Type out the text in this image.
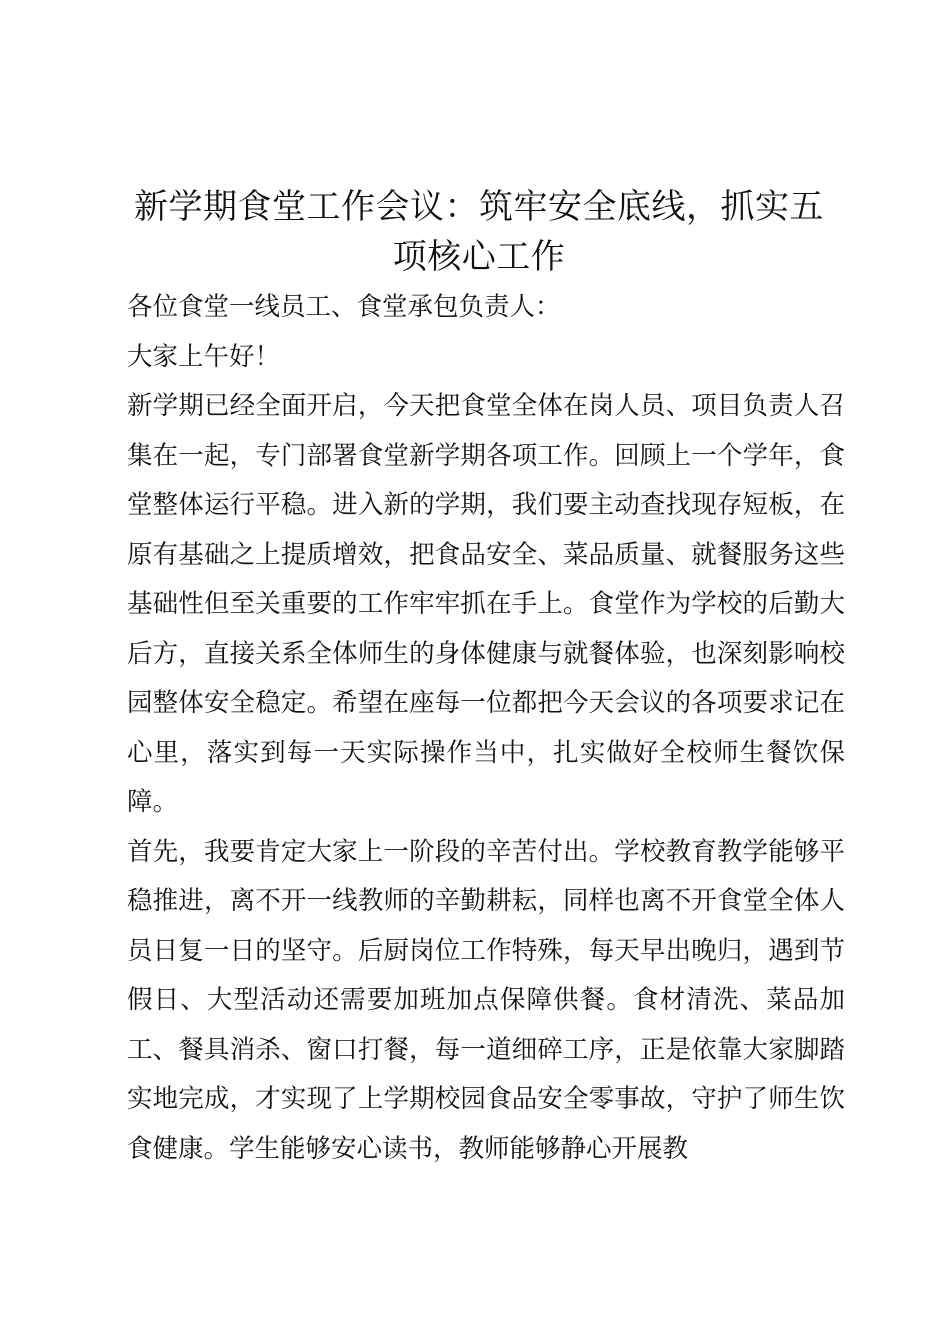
新学期食堂工作会议：筑牢安全底线，抓实五项核心工作

各位食堂一线员工、食堂承包负责人：

大家上午好！

新学期已经全面开启，今天把食堂全体在岗人员、项目负责人召集在一起，专门部署食堂新学期各项工作。回顾上一个学年，食堂整体运行平稳。进入新的学期，我们要主动查找现存短板，在原有基础之上提质增效，把食品安全、菜品质量、就餐服务这些基础性但至关重要的工作牢牢抓在手上。食堂作为学校的后勤大后方，直接关系全体师生的身体健康与就餐体验，也深刻影响校园整体安全稳定。希望在座每一位都把今天会议的各项要求记在心里，落实到每一天实际操作当中，扎实做好全校师生餐饮保障。

首先，我要肯定大家上一阶段的辛苦付出。学校教育教学能够平稳推进，离不开一线教师的辛勤耕耘，同样也离不开食堂全体人员日复一日的坚守。后厨岗位工作特殊，每天早出晚归，遇到节假日、大型活动还需要加班加点保障供餐。食材清洗、菜品加工、餐具消杀、窗口打餐，每一道细碎工序，正是依靠大家脚踏实地完成，才实现了上学期校园食品安全零事故，守护了师生饮食健康。学生能够安心读书，教师能够静心开展教
